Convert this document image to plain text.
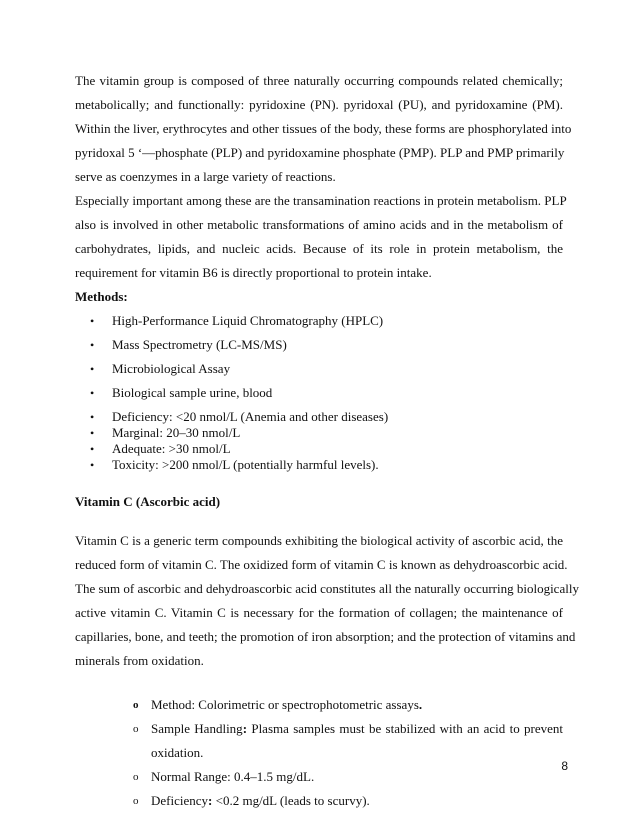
The vitamin group is composed of three naturally occurring compounds related chemically;
metabolically; and functionally: pyridoxine (PN). pyridoxal (PU), and pyridoxamine (PM).
Within the liver, erythrocytes and other tissues of the body, these forms are phosphorylated into
pyridoxal 5 ‘—phosphate (PLP) and pyridoxamine phosphate (PMP). PLP and PMP primarily
serve as coenzymes in a large variety of reactions.
Especially important among these are the transamination reactions in protein metabolism. PLP
also is involved in other metabolic transformations of amino acids and in the metabolism of
carbohydrates, lipids, and nucleic acids. Because of its role in protein metabolism, the
requirement for vitamin B6 is directly proportional to protein intake.
Methods:
• High-Performance Liquid Chromatography (HPLC)
• Mass Spectrometry (LC-MS/MS)
• Microbiological Assay
• Biological sample urine, blood
• Deficiency: <20 nmol/L (Anemia and other diseases)
• Marginal: 20–30 nmol/L
• Adequate: >30 nmol/L
• Toxicity: >200 nmol/L (potentially harmful levels).
Vitamin C (Ascorbic acid)
Vitamin C is a generic term compounds exhibiting the biological activity of ascorbic acid, the
reduced form of vitamin C. The oxidized form of vitamin C is known as dehydroascorbic acid.
The sum of ascorbic and dehydroascorbic acid constitutes all the naturally occurring biologically
active vitamin C. Vitamin C is necessary for the formation of collagen; the maintenance of
capillaries, bone, and teeth; the promotion of iron absorption; and the protection of vitamins and
minerals from oxidation.
o Method: Colorimetric or spectrophotometric assays.
o Sample Handling: Plasma samples must be stabilized with an acid to prevent
oxidation.
o Normal Range: 0.4–1.5 mg/dL.
o Deficiency: <0.2 mg/dL (leads to scurvy).
8
